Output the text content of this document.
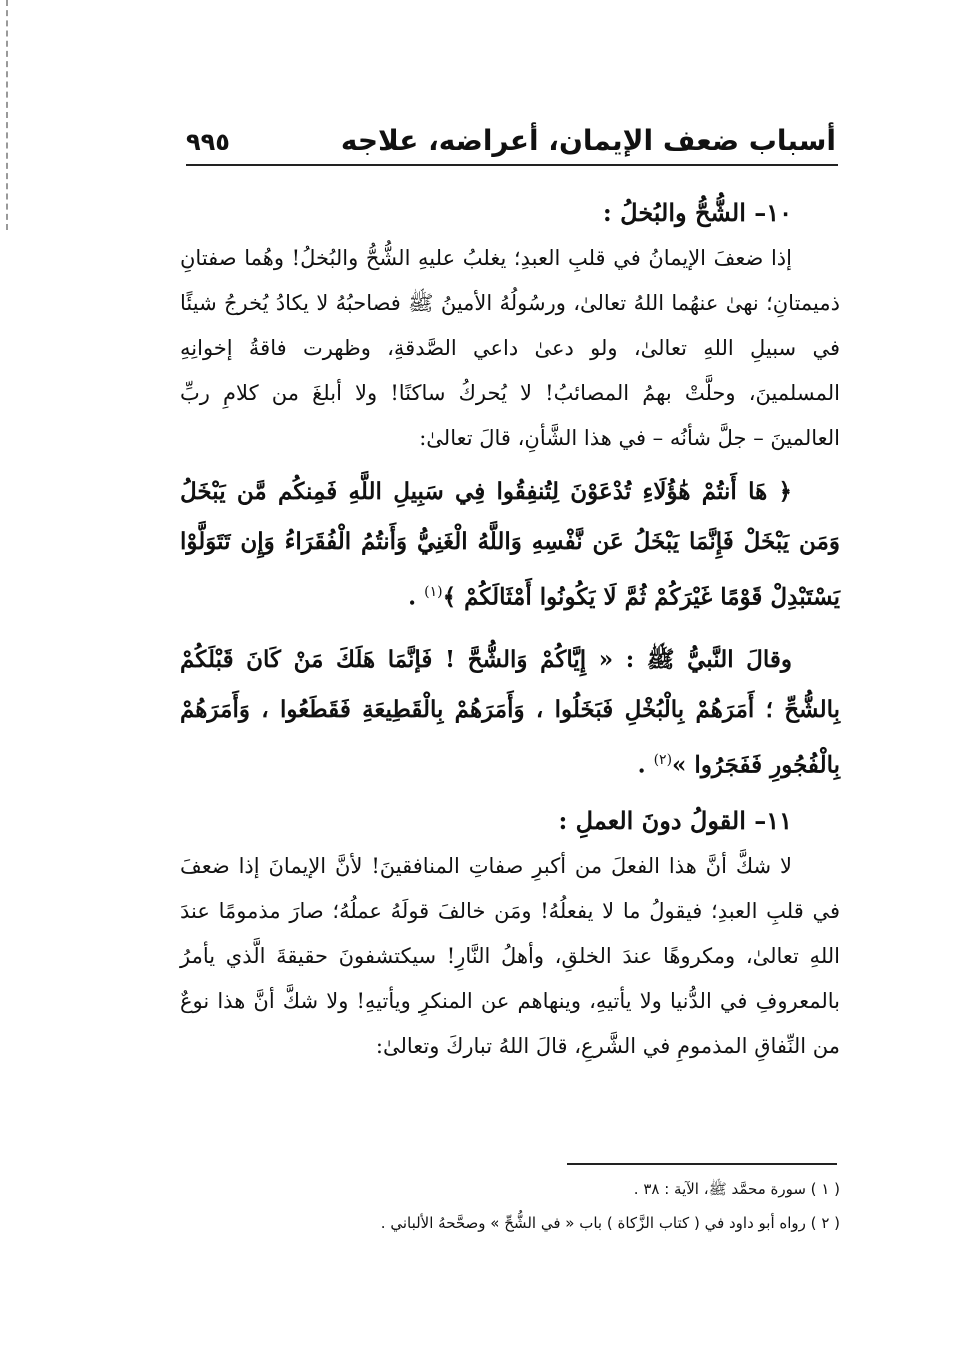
أسباب ضعف الإيمان، أعراضه، علاجه
٩٩٥
١٠– الشُّحُّ والبُخلُ :

إذا ضعفَ الإيمانُ في قلبِ العبدِ؛ يغلبُ عليهِ الشُّحُّ والبُخلُ! وهُما صفتانِ ذميمتانِ؛ نهىٰ عنهُما اللهُ تعالىٰ، ورسُولُهُ الأمينُ ﷺ فصاحبُهُ لا يكادُ يُخرجُ شيئًا في سبيلِ اللهِ تعالىٰ، ولو دعىٰ داعي الصَّدقةِ، وظهرت فاقةُ إخوانِهِ المسلمينَ، وحلَّتْ بهمُ المصائبُ! لا يُحركُ ساكنًا! ولا أبلغَ من كلامِ ربِّ العالمينَ – جلَّ شأنُه – في هذا الشَّأنِ، قالَ تعالىٰ:

﴿ هَا أَنتُمْ هَٰؤُلَاءِ تُدْعَوْنَ لِتُنفِقُوا فِي سَبِيلِ اللَّهِ فَمِنكُم مَّن يَبْخَلُ وَمَن يَبْخَلْ فَإِنَّمَا يَبْخَلُ عَن نَّفْسِهِ وَاللَّهُ الْغَنِيُّ وَأَنتُمُ الْفُقَرَاءُ وَإِن تَتَوَلَّوْا يَسْتَبْدِلْ قَوْمًا غَيْرَكُمْ ثُمَّ لَا يَكُونُوا أَمْثَالَكُمْ ﴾$^{(١)}$ .

وقالَ النَّبيُّ ﷺ : « إِيَّاكُمْ وَالشُّحَّ ! فَإنَّمَا هَلَكَ مَنْ كَانَ قَبْلَكُمْ بِالشُّحِّ ؛ أَمَرَهُمْ بِالْبُخْلِ فَبَخَلُوا ، وَأَمَرَهُمْ بِالْقَطِيعَةِ فَقَطَعُوا ، وَأَمَرَهُمْ بِالْفُجُورِ فَفَجَرُوا »$^{(٢)}$ .

١١– القولُ دونَ العملِ :

لا شكَّ أنَّ هذا الفعلَ من أكبرِ صفاتِ المنافقينَ! لأنَّ الإيمانَ إذا ضعفَ في قلبِ العبدِ؛ فيقولُ ما لا يفعلُهُ! ومَن خالفَ قولَهُ عملُهُ؛ صارَ مذمومًا عندَ اللهِ تعالىٰ، ومكروهًا عندَ الخلقِ، وأهلُ النَّارِ! سيكتشفونَ حقيقةَ الَّذي يأمرُ بالمعروفِ في الدُّنيا ولا يأتيهِ، وينهاهم عن المنكرِ ويأتيهِ! ولا شكَّ أنَّ هذا نوعٌ من النِّفاقِ المذمومِ في الشَّرعِ، قالَ اللهُ تباركَ وتعالىٰ:

( ١ ) سورة محمَّد ﷺ، الآية : ٣٨ .
( ٢ ) رواه أبو داود في ( كتاب الزَّكاة ) باب « في الشُّحِّ » وصحَّحهُ الألباني .
